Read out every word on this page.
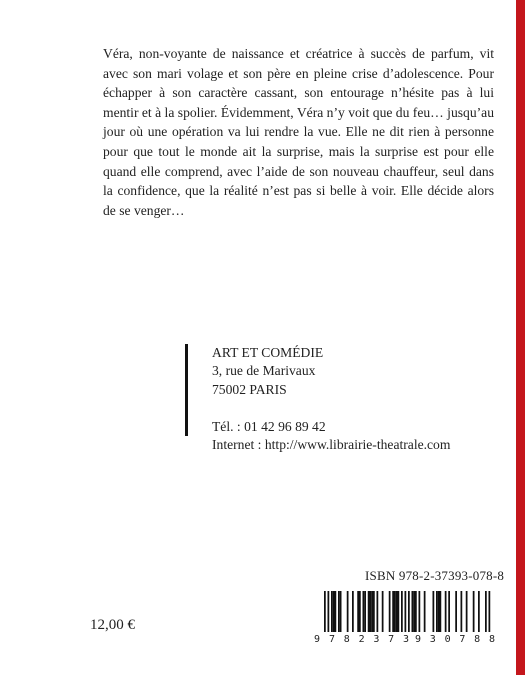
Véra, non-voyante de naissance et créatrice à succès de parfum, vit avec son mari volage et son père en pleine crise d’adolescence. Pour échapper à son caractère cassant, son entourage n’hésite pas à lui mentir et à la spolier. Évidemment, Véra n’y voit que du feu… jusqu’au jour où une opération va lui rendre la vue. Elle ne dit rien à personne pour que tout le monde ait la surprise, mais la surprise est pour elle quand elle comprend, avec l’aide de son nouveau chauffeur, seul dans la confidence, que la réalité n’est pas si belle à voir. Elle décide alors de se venger…

ART ET COMÉDIE
3, rue de Marivaux
75002 PARIS
Tél. : 01 42 96 89 42
Internet : http://www.librairie-theatrale.com
ISBN 978-2-37393-078-8
9 782373 930788
12,00 €
